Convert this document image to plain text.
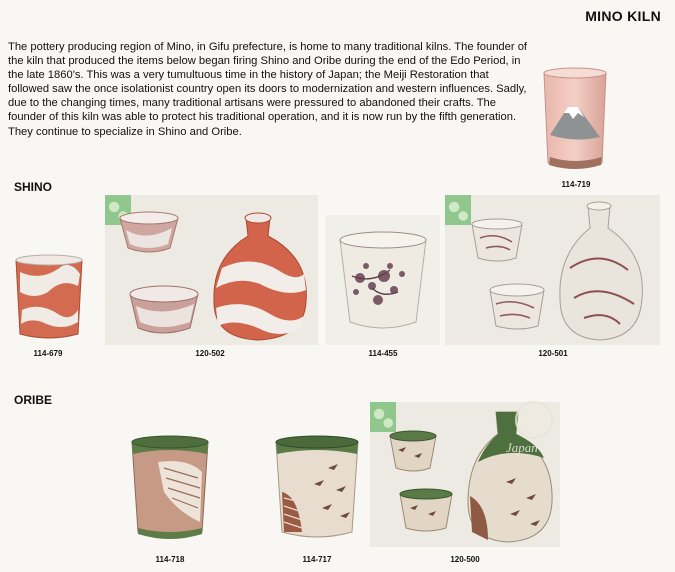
MINO KILN
The pottery producing region of Mino, in Gifu prefecture, is home to many traditional kilns. The founder of the kiln that produced the items below began firing Shino and Oribe during the end of the Edo Period, in the late 1860's. This was a very tumultuous time in the history of Japan; the Meiji Restoration that followed saw the once isolationist country open its doors to modernization and western influences. Sadly, due to the changing times, many traditional artisans were pressured to abandoned their crafts. The founder of this kiln was able to protect his traditional operation, and it is now run by the fifth generation. They continue to specialize in Shino and Oribe.
114-719
SHINO
114-679	120-502	114-455	120-501
ORIBE
114-718	114-717	120-500
Japan
